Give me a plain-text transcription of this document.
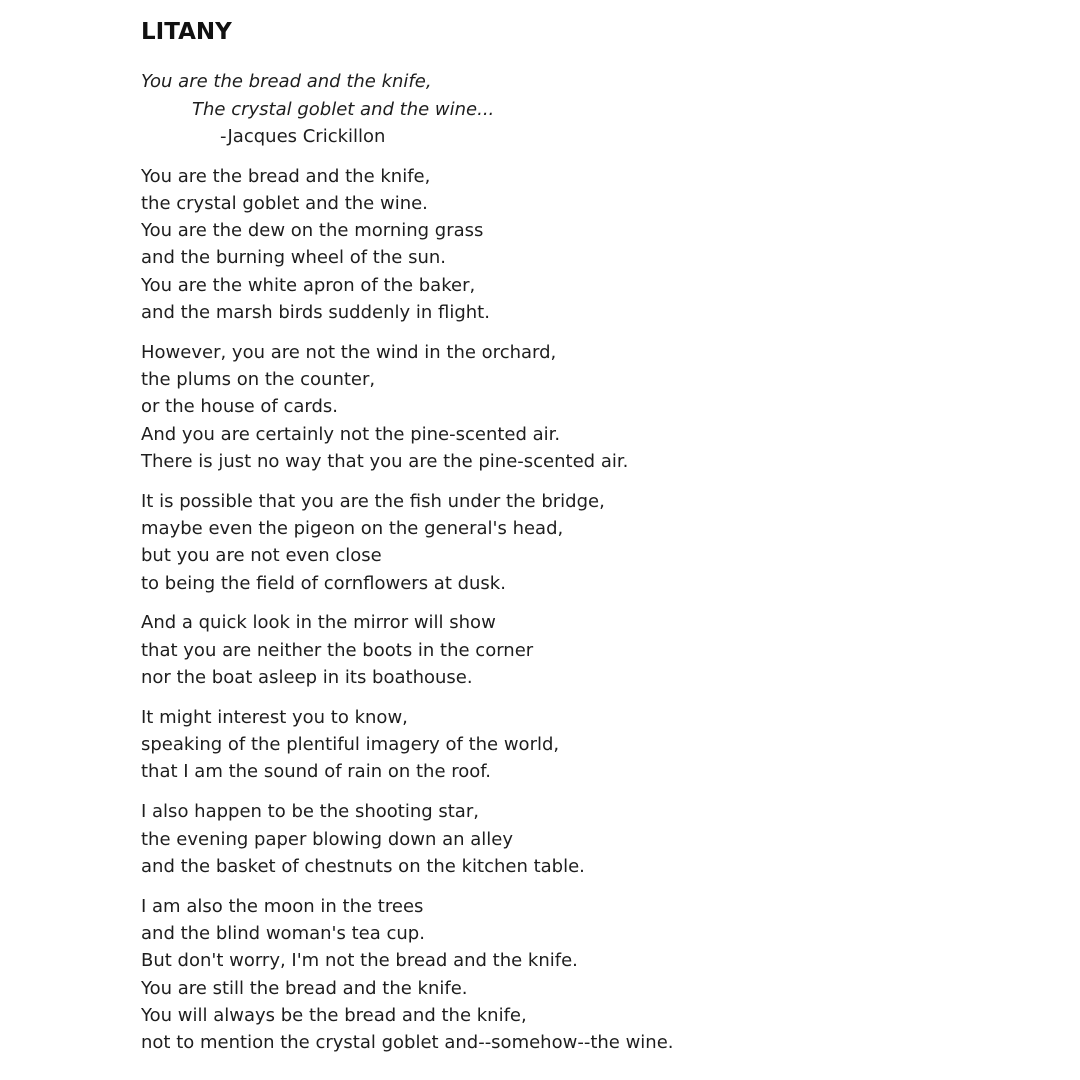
LITANY
You are the bread and the knife,
The crystal goblet and the wine...
-Jacques Crickillon
You are the bread and the knife,
the crystal goblet and the wine.
You are the dew on the morning grass
and the burning wheel of the sun.
You are the white apron of the baker,
and the marsh birds suddenly in flight.
However, you are not the wind in the orchard,
the plums on the counter,
or the house of cards.
And you are certainly not the pine-scented air.
There is just no way that you are the pine-scented air.
It is possible that you are the fish under the bridge,
maybe even the pigeon on the general's head,
but you are not even close
to being the field of cornflowers at dusk.
And a quick look in the mirror will show
that you are neither the boots in the corner
nor the boat asleep in its boathouse.
It might interest you to know,
speaking of the plentiful imagery of the world,
that I am the sound of rain on the roof.
I also happen to be the shooting star,
the evening paper blowing down an alley
and the basket of chestnuts on the kitchen table.
I am also the moon in the trees
and the blind woman's tea cup.
But don't worry, I'm not the bread and the knife.
You are still the bread and the knife.
You will always be the bread and the knife,
not to mention the crystal goblet and--somehow--the wine.
